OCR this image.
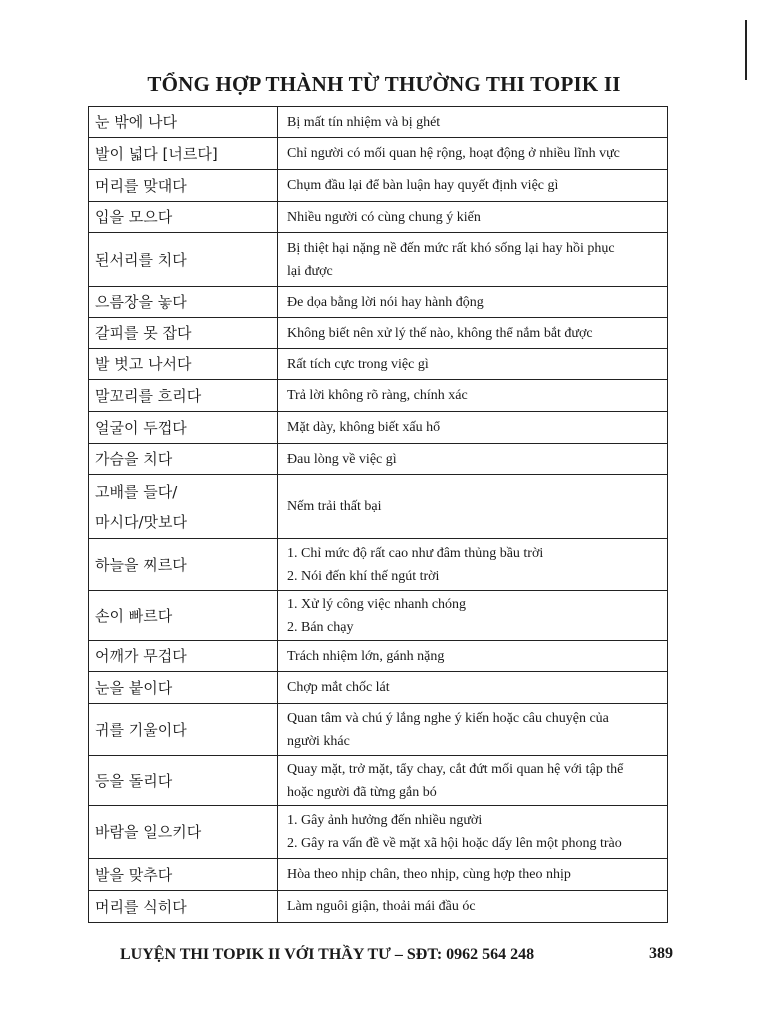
TỔNG HỢP THÀNH TỪ THƯỜNG THI TOPIK II
눈 밖에 나다	Bị mất tín nhiệm và bị ghét

발이 넓다 [너르다]	Chỉ người có mối quan hệ rộng, hoạt động ở nhiều lĩnh vực

머리를 맞대다	Chụm đầu lại để bàn luận hay quyết định việc gì

입을 모으다	Nhiều người có cùng chung ý kiến

된서리를 치다	Bị thiệt hại nặng nề đến mức rất khó sống lại hay hồi phục
lại được

으름장을 놓다	Đe dọa bằng lời nói hay hành động

갈피를 못 잡다	Không biết nên xử lý thế nào, không thể nắm bắt được

발 벗고 나서다	Rất tích cực trong việc gì

말꼬리를 흐리다	Trả lời không rõ ràng, chính xác

얼굴이 두껍다	Mặt dày, không biết xấu hổ

가슴을 치다	Đau lòng về việc gì

고배를 들다/
마시다/맛보다	Nếm trải thất bại

하늘을 찌르다	1. Chỉ mức độ rất cao như đâm thủng bầu trời
2. Nói đến khí thế ngút trời

손이 빠르다	1. Xử lý công việc nhanh chóng
2. Bán chạy

어깨가 무겁다	Trách nhiệm lớn, gánh nặng

눈을 붙이다	Chợp mắt chốc lát

귀를 기울이다	Quan tâm và chú ý lắng nghe ý kiến hoặc câu chuyện của
người khác

등을 돌리다	Quay mặt, trở mặt, tẩy chay, cắt đứt mối quan hệ với tập thể
hoặc người đã từng gắn bó

바람을 일으키다	1. Gây ảnh hưởng đến nhiều người
2. Gây ra vấn đề về mặt xã hội hoặc dấy lên một phong trào

발을 맞추다	Hòa theo nhịp chân, theo nhịp, cùng hợp theo nhịp

머리를 식히다	Làm nguôi giận, thoải mái đầu óc
LUYỆN THI TOPIK II VỚI THẦY TƯ – SĐT: 0962 564 248	389
